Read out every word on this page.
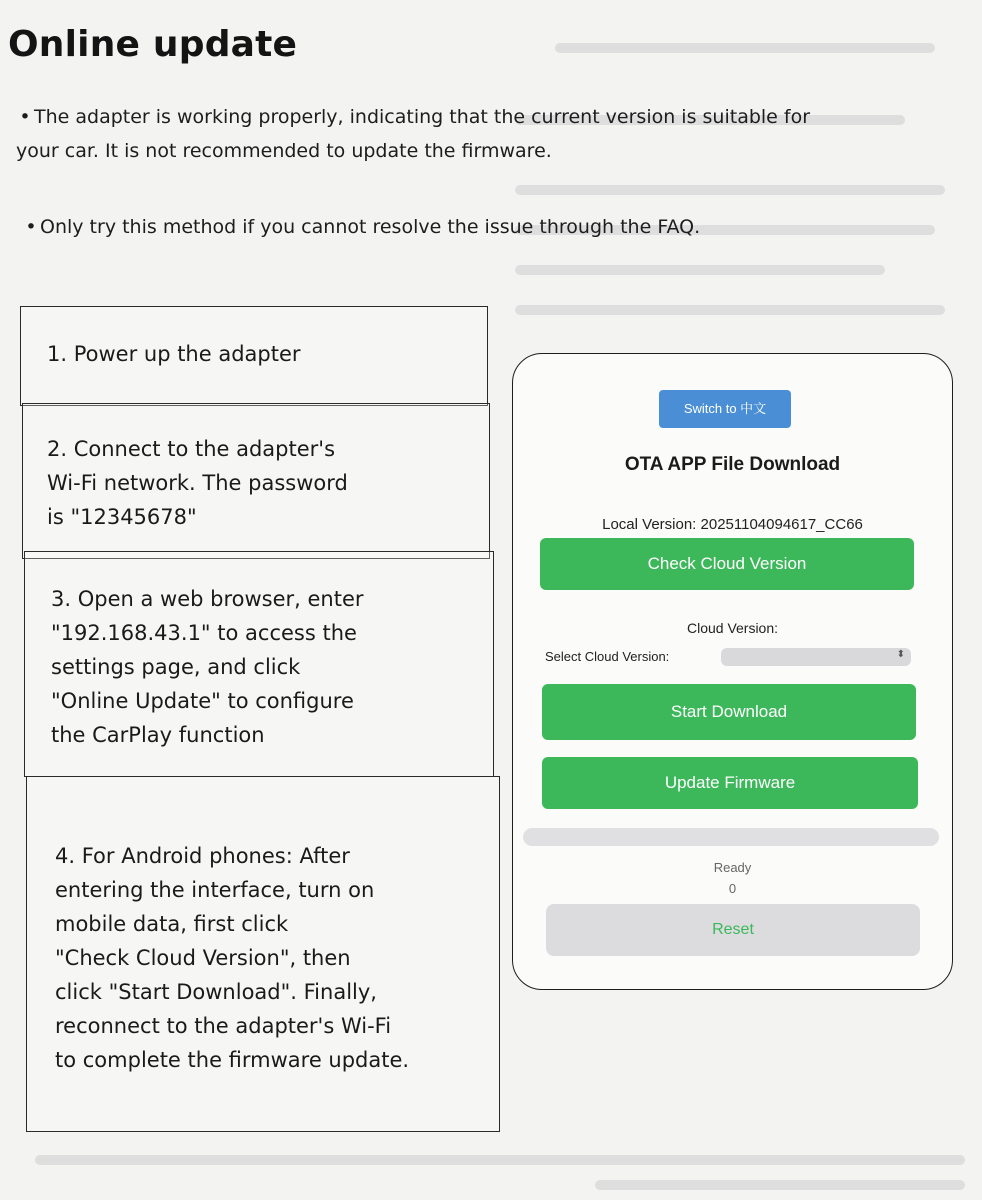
Online update
• The adapter is working properly, indicating that the current version is suitable for your car. It is not recommended to update the firmware.
• Only try this method if you cannot resolve the issue through the FAQ.
1. Power up the adapter
2. Connect to the adapter's
Wi-Fi network. The password
is "12345678"
3. Open a web browser, enter
"192.168.43.1" to access the
settings page, and click
"Online Update" to configure
the CarPlay function
4. For Android phones: After
entering the interface, turn on
mobile data, first click
"Check Cloud Version", then
click "Start Download". Finally,
reconnect to the adapter's Wi-Fi
to complete the firmware update.
Switch to 中文
OTA APP File Download
Local Version: 20251104094617_CC66
Check Cloud Version
Cloud Version:
Select Cloud Version:	⬍
Start Download
Update Firmware
Ready
0
Reset
